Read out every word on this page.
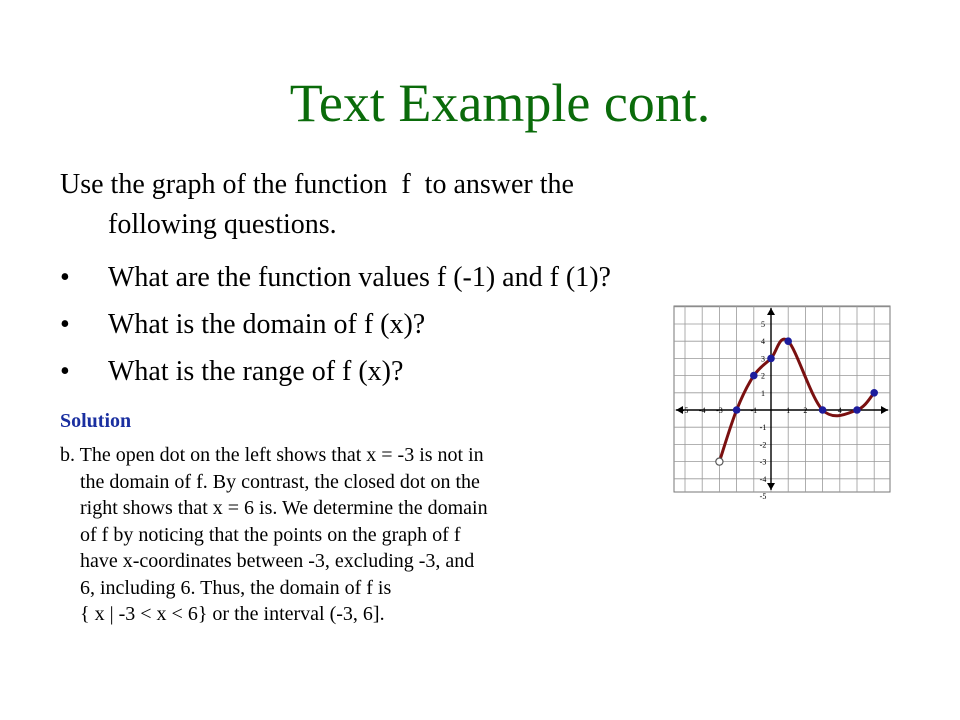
Text Example cont.
Use the graph of the function  f  to answer the
following questions.
• What are the function values f (-1) and f (1)?
• What is the domain of f (x)?
• What is the range of f (x)?
Solution
b. The open dot on the left shows that x = -3 is not in
the domain of f. By contrast, the closed dot on the
right shows that x = 6 is. We determine the domain
of f by noticing that the points on the graph of f
have x-coordinates between -3, excluding -3, and
6, including 6. Thus, the domain of f is
{ x | -3 < x < 6} or the interval (-3, 6].
-5 -4 -3	-1	1 2	4
5
4
3
2
1
-1
-2
-3
-4
-5
